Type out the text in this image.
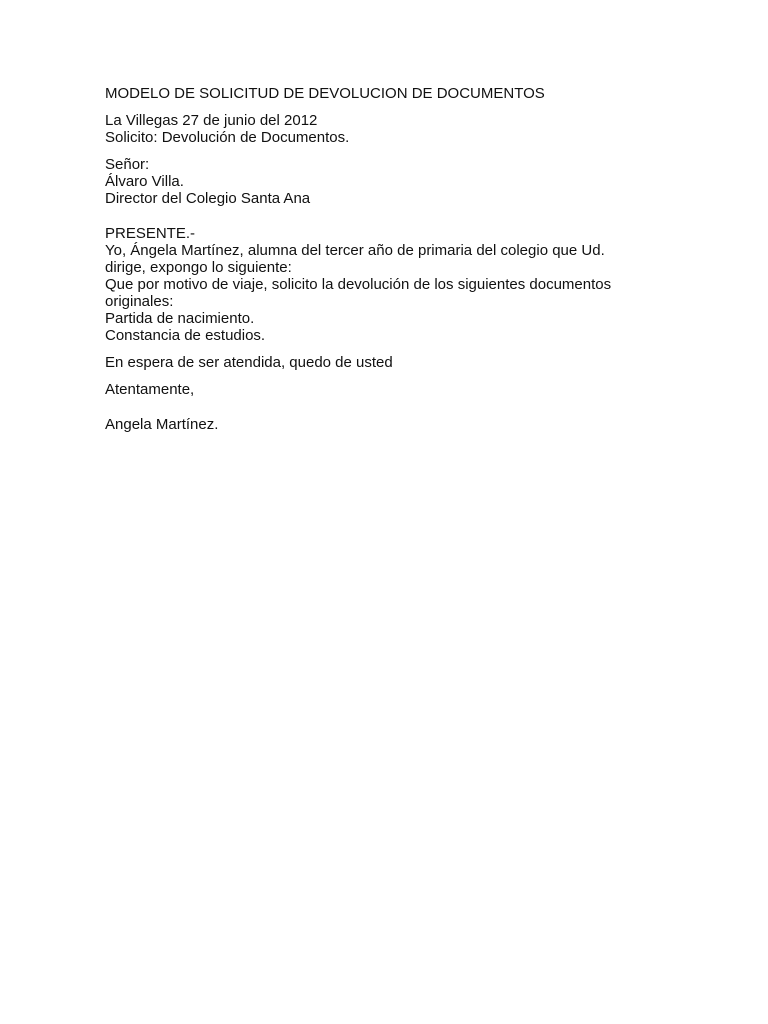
MODELO DE SOLICITUD DE DEVOLUCION DE DOCUMENTOS
La Villegas 27 de junio del 2012
Solicito: Devolución de Documentos.
Señor:
Álvaro Villa.
Director del Colegio Santa Ana
PRESENTE.-
Yo, Ángela Martínez, alumna del tercer año de primaria del colegio que Ud.
dirige, expongo lo siguiente:
Que por motivo de viaje, solicito la devolución de los siguientes documentos
originales:
Partida de nacimiento.
Constancia de estudios.
En espera de ser atendida, quedo de usted
Atentamente,
Angela Martínez.
